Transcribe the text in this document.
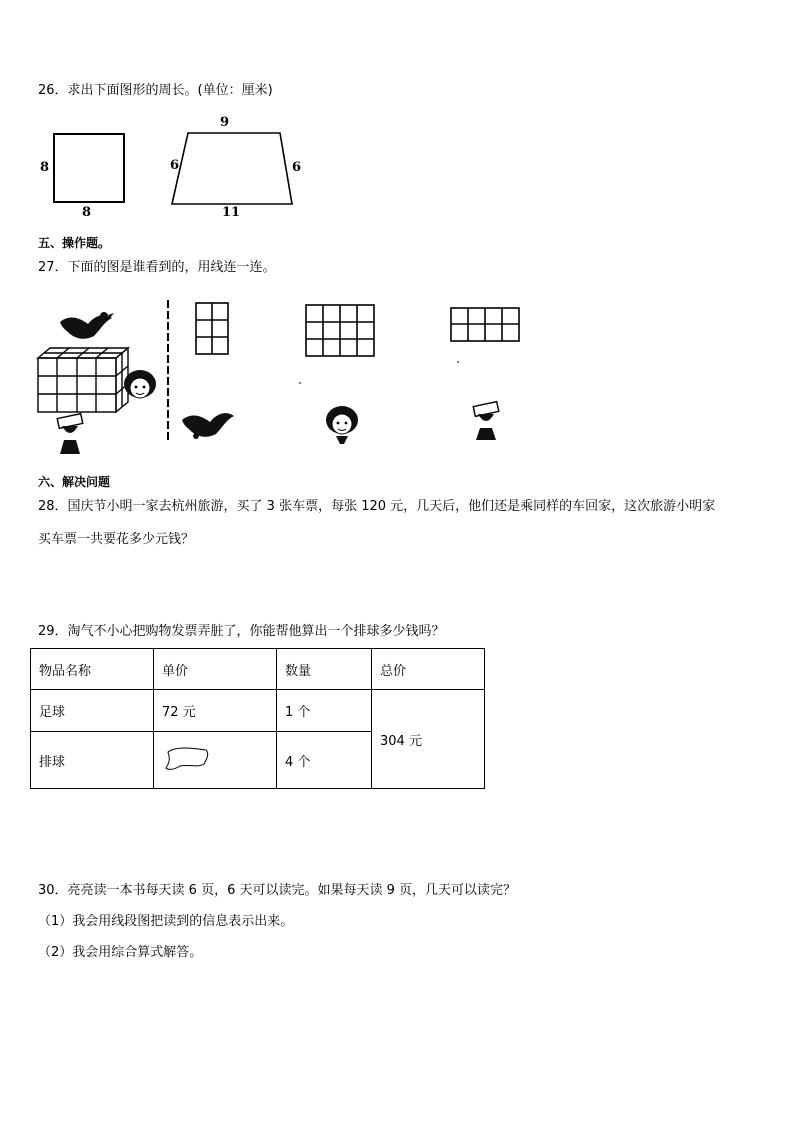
26．求出下面图形的周长。(单位：厘米)
8
8
9
6	6
11
五、操作题。
27．下面的图是谁看到的，用线连一连。
六、解决问题
28．国庆节小明一家去杭州旅游，买了 3 张车票，每张 120 元，几天后，他们还是乘同样的车回家，这次旅游小明家
买车票一共要花多少元钱？
29．淘气不小心把购物发票弄脏了，你能帮他算出一个排球多少钱吗？
物品名称	单价	数量	总价
足球	72 元	1 个	304 元
排球		4 个	
30．亮亮读一本书每天读 6 页，6 天可以读完。如果每天读 9 页，几天可以读完？
（1）我会用线段图把读到的信息表示出来。
（2）我会用综合算式解答。
